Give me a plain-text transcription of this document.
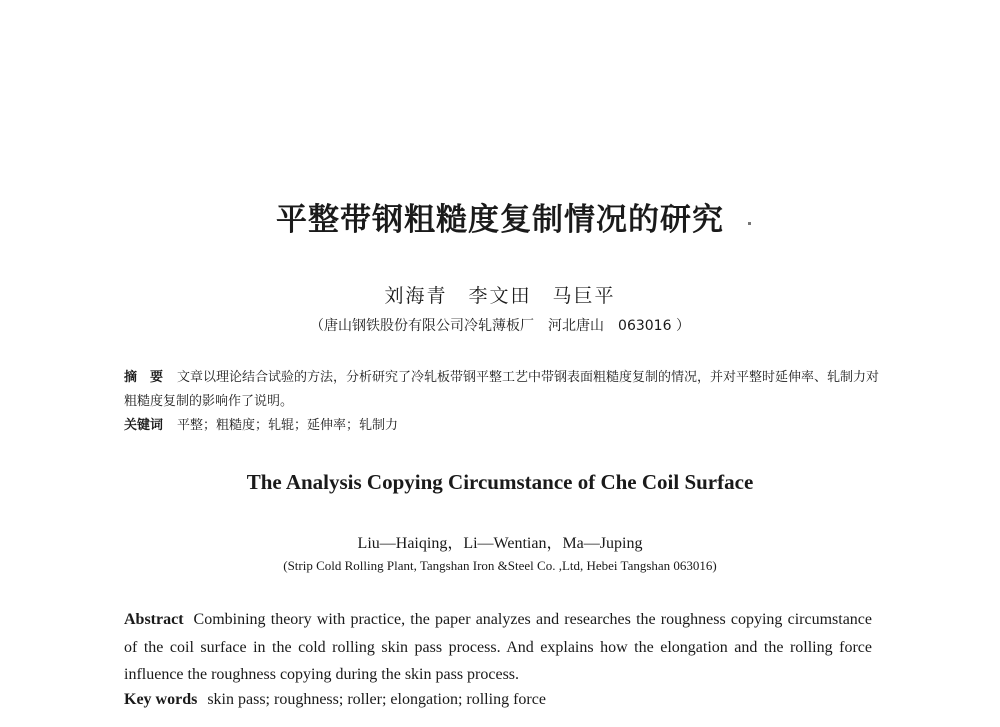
平整带钢粗糙度复制情况的研究
刘海青　李文田　马巨平
（唐山钢铁股份有限公司冷轧薄板厂　河北唐山　063016 ）
摘　要 文章以理论结合试验的方法，分析研究了冷轧板带钢平整工艺中带钢表面粗糙度复制的情况，并对平整时延伸率、轧制力对粗糙度复制的影响作了说明。
关键词 平整；粗糙度；轧辊；延伸率；轧制力
The Analysis Copying Circumstance of Che Coil Surface
Liu—Haiqing，Li—Wentian，Ma—Juping
(Strip Cold Rolling Plant, Tangshan Iron &Steel Co. ,Ltd, Hebei Tangshan 063016)
Abstract Combining theory with practice, the paper analyzes and researches the roughness copying circumstance of the coil surface in the cold rolling skin pass process. And explains how the elongation and the rolling force influence the roughness copying during the skin pass process.
Key words skin pass; roughness; roller; elongation; rolling force
